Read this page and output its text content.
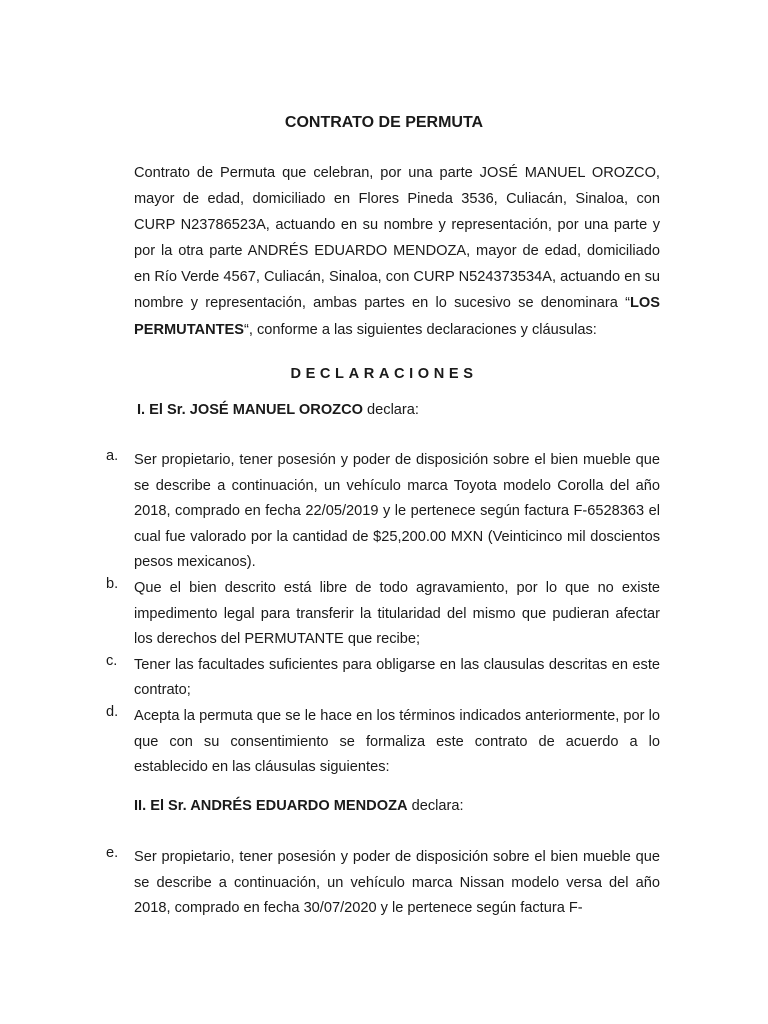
CONTRATO DE PERMUTA

Contrato de Permuta que celebran, por una parte JOSÉ MANUEL OROZCO, mayor de edad, domiciliado en Flores Pineda 3536, Culiacán, Sinaloa, con CURP N23786523A, actuando en su nombre y representación, por una parte y por la otra parte ANDRÉS EDUARDO MENDOZA, mayor de edad, domiciliado en Río Verde 4567, Culiacán, Sinaloa, con CURP N524373534A, actuando en su nombre y representación, ambas partes en lo sucesivo se denominara “LOS PERMUTANTES“, conforme a las siguientes declaraciones y cláusulas:

DECLARACIONES

I. El Sr. JOSÉ MANUEL OROZCO declara:

a. Ser propietario, tener posesión y poder de disposición sobre el bien mueble que se describe a continuación, un vehículo marca Toyota modelo Corolla del año 2018, comprado en fecha 22/05/2019 y le pertenece según factura F-6528363 el cual fue valorado por la cantidad de $25,200.00 MXN (Veinticinco mil doscientos pesos mexicanos).
b. Que el bien descrito está libre de todo agravamiento, por lo que no existe impedimento legal para transferir la titularidad del mismo que pudieran afectar los derechos del PERMUTANTE que recibe;
c. Tener las facultades suficientes para obligarse en las clausulas descritas en este contrato;
d. Acepta la permuta que se le hace en los términos indicados anteriormente, por lo que con su consentimiento se formaliza este contrato de acuerdo a lo establecido en las cláusulas siguientes:

II. El Sr. ANDRÉS EDUARDO MENDOZA declara:

e. Ser propietario, tener posesión y poder de disposición sobre el bien mueble que se describe a continuación, un vehículo marca Nissan modelo versa del año 2018, comprado en fecha 30/07/2020 y le pertenece según factura F-
